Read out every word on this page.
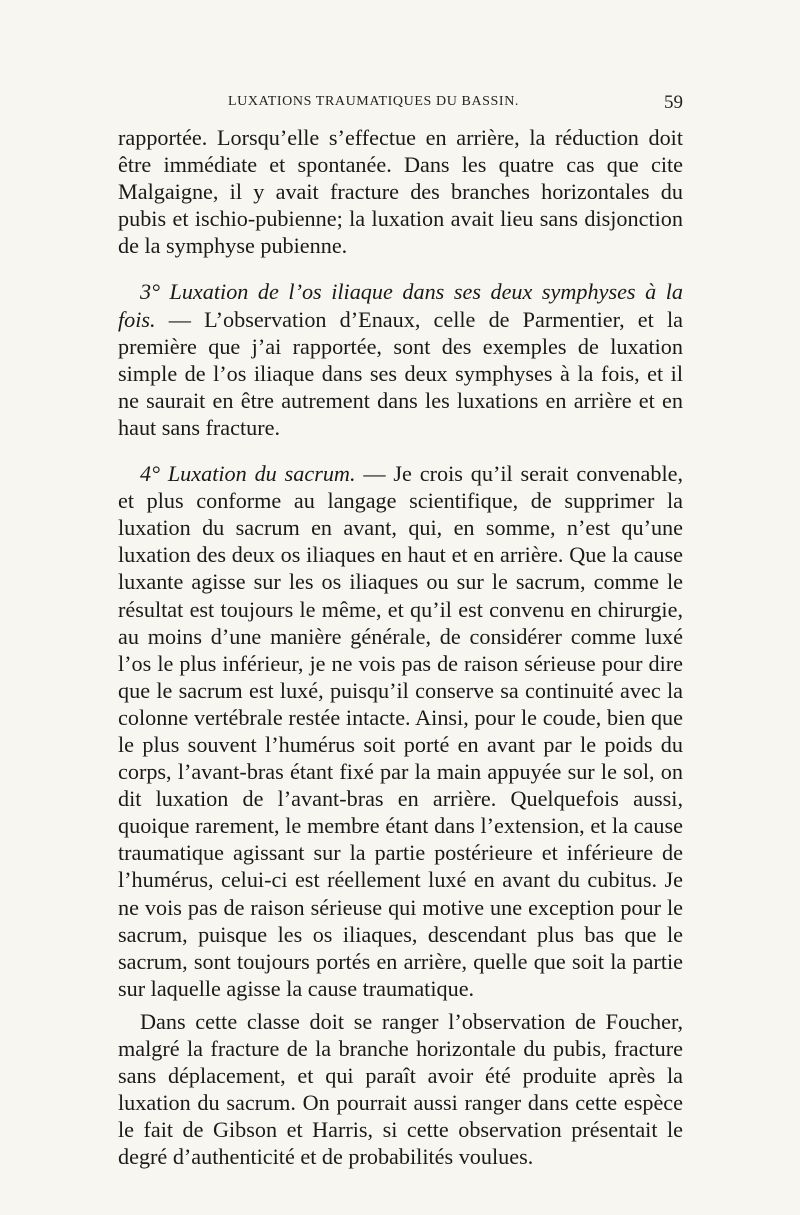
LUXATIONS TRAUMATIQUES DU BASSIN.	59

rapportée. Lorsqu’elle s’effectue en arrière, la réduction doit être immédiate et spontanée. Dans les quatre cas que cite Malgaigne, il y avait fracture des branches horizontales du pubis et ischio-pubienne; la luxation avait lieu sans disjonction de la symphyse pubienne.

3° Luxation de l’os iliaque dans ses deux symphyses à la fois. — L’observation d’Enaux, celle de Parmentier, et la première que j’ai rapportée, sont des exemples de luxation simple de l’os iliaque dans ses deux symphyses à la fois, et il ne saurait en être autrement dans les luxations en arrière et en haut sans fracture.

4° Luxation du sacrum. — Je crois qu’il serait convenable, et plus conforme au langage scientifique, de supprimer la luxation du sacrum en avant, qui, en somme, n’est qu’une luxation des deux os iliaques en haut et en arrière. Que la cause luxante agisse sur les os iliaques ou sur le sacrum, comme le résultat est toujours le même, et qu’il est convenu en chirurgie, au moins d’une manière générale, de considérer comme luxé l’os le plus inférieur, je ne vois pas de raison sérieuse pour dire que le sacrum est luxé, puisqu’il conserve sa continuité avec la colonne vertébrale restée intacte. Ainsi, pour le coude, bien que le plus souvent l’humérus soit porté en avant par le poids du corps, l’avant-bras étant fixé par la main appuyée sur le sol, on dit luxation de l’avant-bras en arrière. Quelquefois aussi, quoique rarement, le membre étant dans l’extension, et la cause traumatique agissant sur la partie postérieure et inférieure de l’humérus, celui-ci est réellement luxé en avant du cubitus. Je ne vois pas de raison sérieuse qui motive une exception pour le sacrum, puisque les os iliaques, descendant plus bas que le sacrum, sont toujours portés en arrière, quelle que soit la partie sur laquelle agisse la cause traumatique.

Dans cette classe doit se ranger l’observation de Foucher, malgré la fracture de la branche horizontale du pubis, fracture sans déplacement, et qui paraît avoir été produite après la luxation du sacrum. On pourrait aussi ranger dans cette espèce le fait de Gibson et Harris, si cette observation présentait le degré d’authenticité et de probabilités voulues.
